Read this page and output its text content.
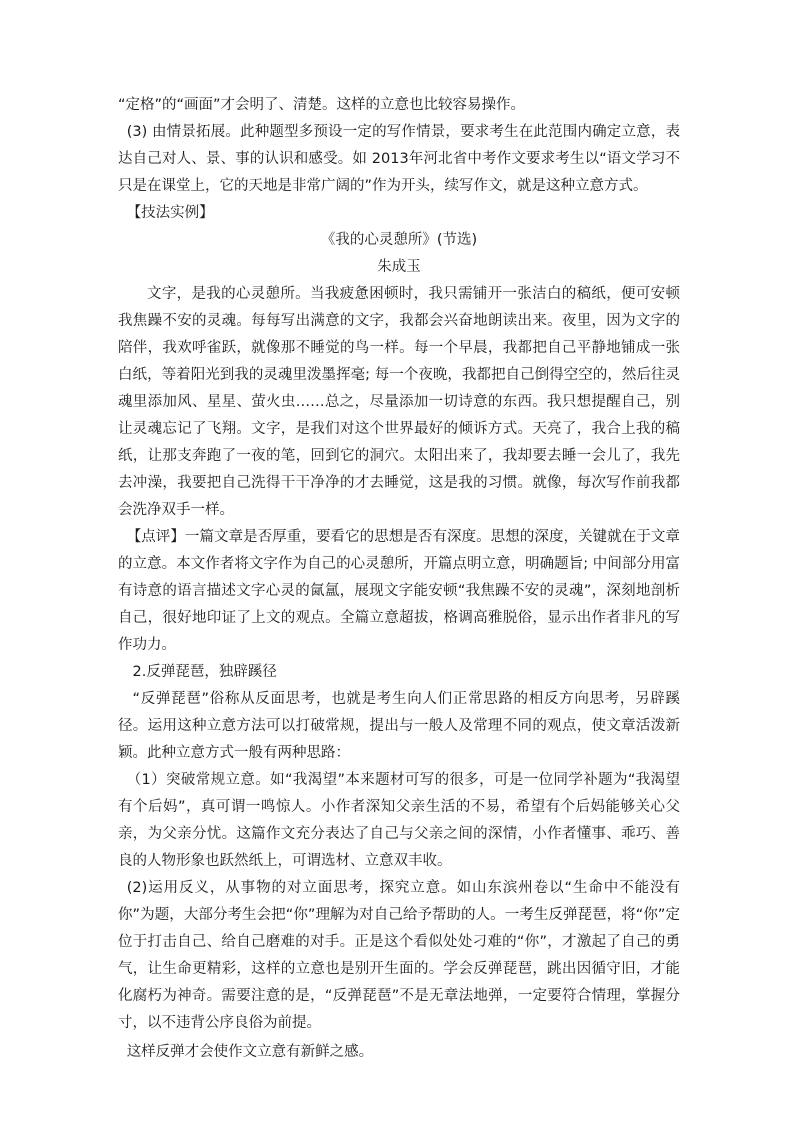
“定格”的“画面”才会明了、清楚。这样的立意也比较容易操作。

(3) 由情景拓展。此种题型多预设一定的写作情景，要求考生在此范围内确定立意，表达自己对人、景、事的认识和感受。如 2013年河北省中考作文要求考生以“语文学习不只是在课堂上，它的天地是非常广阔的”作为开头，续写作文，就是这种立意方式。

【技法实例】

《我的心灵憩所》(节选)

朱成玉

文字，是我的心灵憩所。当我疲惫困顿时，我只需铺开一张洁白的稿纸，便可安顿我焦躁不安的灵魂。每每写出满意的文字，我都会兴奋地朗读出来。夜里，因为文字的陪伴，我欢呼雀跃，就像那不睡觉的鸟一样。每一个早晨，我都把自己平静地铺成一张白纸，等着阳光到我的灵魂里泼墨挥毫; 每一个夜晚，我都把自己倒得空空的，然后往灵魂里添加风、星星、萤火虫……总之，尽量添加一切诗意的东西。我只想提醒自己，别让灵魂忘记了飞翔。文字，是我们对这个世界最好的倾诉方式。天亮了，我合上我的稿纸，让那支奔跑了一夜的笔，回到它的洞穴。太阳出来了，我却要去睡一会儿了，我先去冲澡，我要把自己洗得干干净净的才去睡觉，这是我的习惯。就像，每次写作前我都会洗净双手一样。

【点评】一篇文章是否厚重，要看它的思想是否有深度。思想的深度，关键就在于文章的立意。本文作者将文字作为自己的心灵憩所，开篇点明立意，明确题旨; 中间部分用富有诗意的语言描述文字心灵的氤氲，展现文字能安顿“我焦躁不安的灵魂”，深刻地剖析自己，很好地印证了上文的观点。全篇立意超拔，格调高雅脱俗，显示出作者非凡的写作功力。

2.反弹琵琶，独辟蹊径

“反弹琵琶”俗称从反面思考，也就是考生向人们正常思路的相反方向思考，另辟蹊径。运用这种立意方法可以打破常规，提出与一般人及常理不同的观点，使文章活泼新颖。此种立意方式一般有两种思路：

（1）突破常规立意。如“我渴望”本来题材可写的很多，可是一位同学补题为“我渴望有个后妈”，真可谓一鸣惊人。小作者深知父亲生活的不易，希望有个后妈能够关心父亲，为父亲分忧。这篇作文充分表达了自己与父亲之间的深情，小作者懂事、乖巧、善良的人物形象也跃然纸上，可谓选材、立意双丰收。

(2)运用反义，从事物的对立面思考，探究立意。如山东滨州卷以“生命中不能没有你”为题，大部分考生会把“你”理解为对自己给予帮助的人。一考生反弹琵琶，将“你”定位于打击自己、给自己磨难的对手。正是这个看似处处刁难的“你”，才激起了自己的勇气，让生命更精彩，这样的立意也是别开生面的。学会反弹琵琶，跳出因循守旧，才能化腐朽为神奇。需要注意的是，“反弹琵琶”不是无章法地弹，一定要符合情理，掌握分寸，以不违背公序良俗为前提。

这样反弹才会使作文立意有新鲜之感。
